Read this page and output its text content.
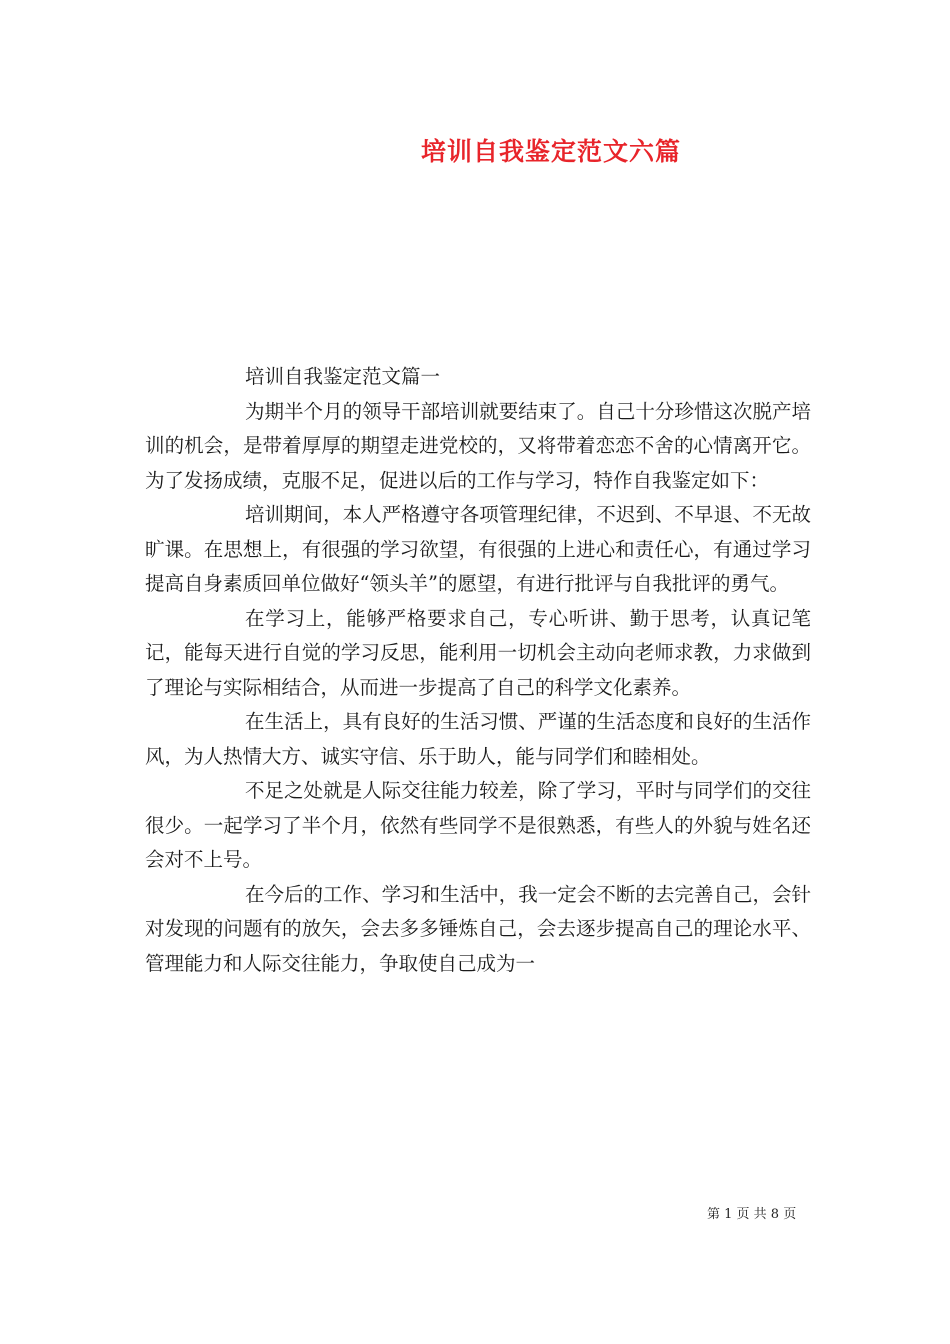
培训自我鉴定范文六篇

培训自我鉴定范文篇一

为期半个月的领导干部培训就要结束了。自己十分珍惜这次脱产培训的机会，是带着厚厚的期望走进党校的，又将带着恋恋不舍的心情离开它。为了发扬成绩，克服不足，促进以后的工作与学习，特作自我鉴定如下：

培训期间，本人严格遵守各项管理纪律，不迟到、不早退、不无故旷课。在思想上，有很强的学习欲望，有很强的上进心和责任心，有通过学习提高自身素质回单位做好“领头羊”的愿望，有进行批评与自我批评的勇气。

在学习上，能够严格要求自己，专心听讲、勤于思考，认真记笔记，能每天进行自觉的学习反思，能利用一切机会主动向老师求教，力求做到了理论与实际相结合，从而进一步提高了自己的科学文化素养。

在生活上，具有良好的生活习惯、严谨的生活态度和良好的生活作风，为人热情大方、诚实守信、乐于助人，能与同学们和睦相处。

不足之处就是人际交往能力较差，除了学习，平时与同学们的交往很少。一起学习了半个月，依然有些同学不是很熟悉，有些人的外貌与姓名还会对不上号。

在今后的工作、学习和生活中，我一定会不断的去完善自己，会针对发现的问题有的放矢，会去多多锤炼自己，会去逐步提高自己的理论水平、管理能力和人际交往能力，争取使自己成为一

第 1 页 共 8 页
